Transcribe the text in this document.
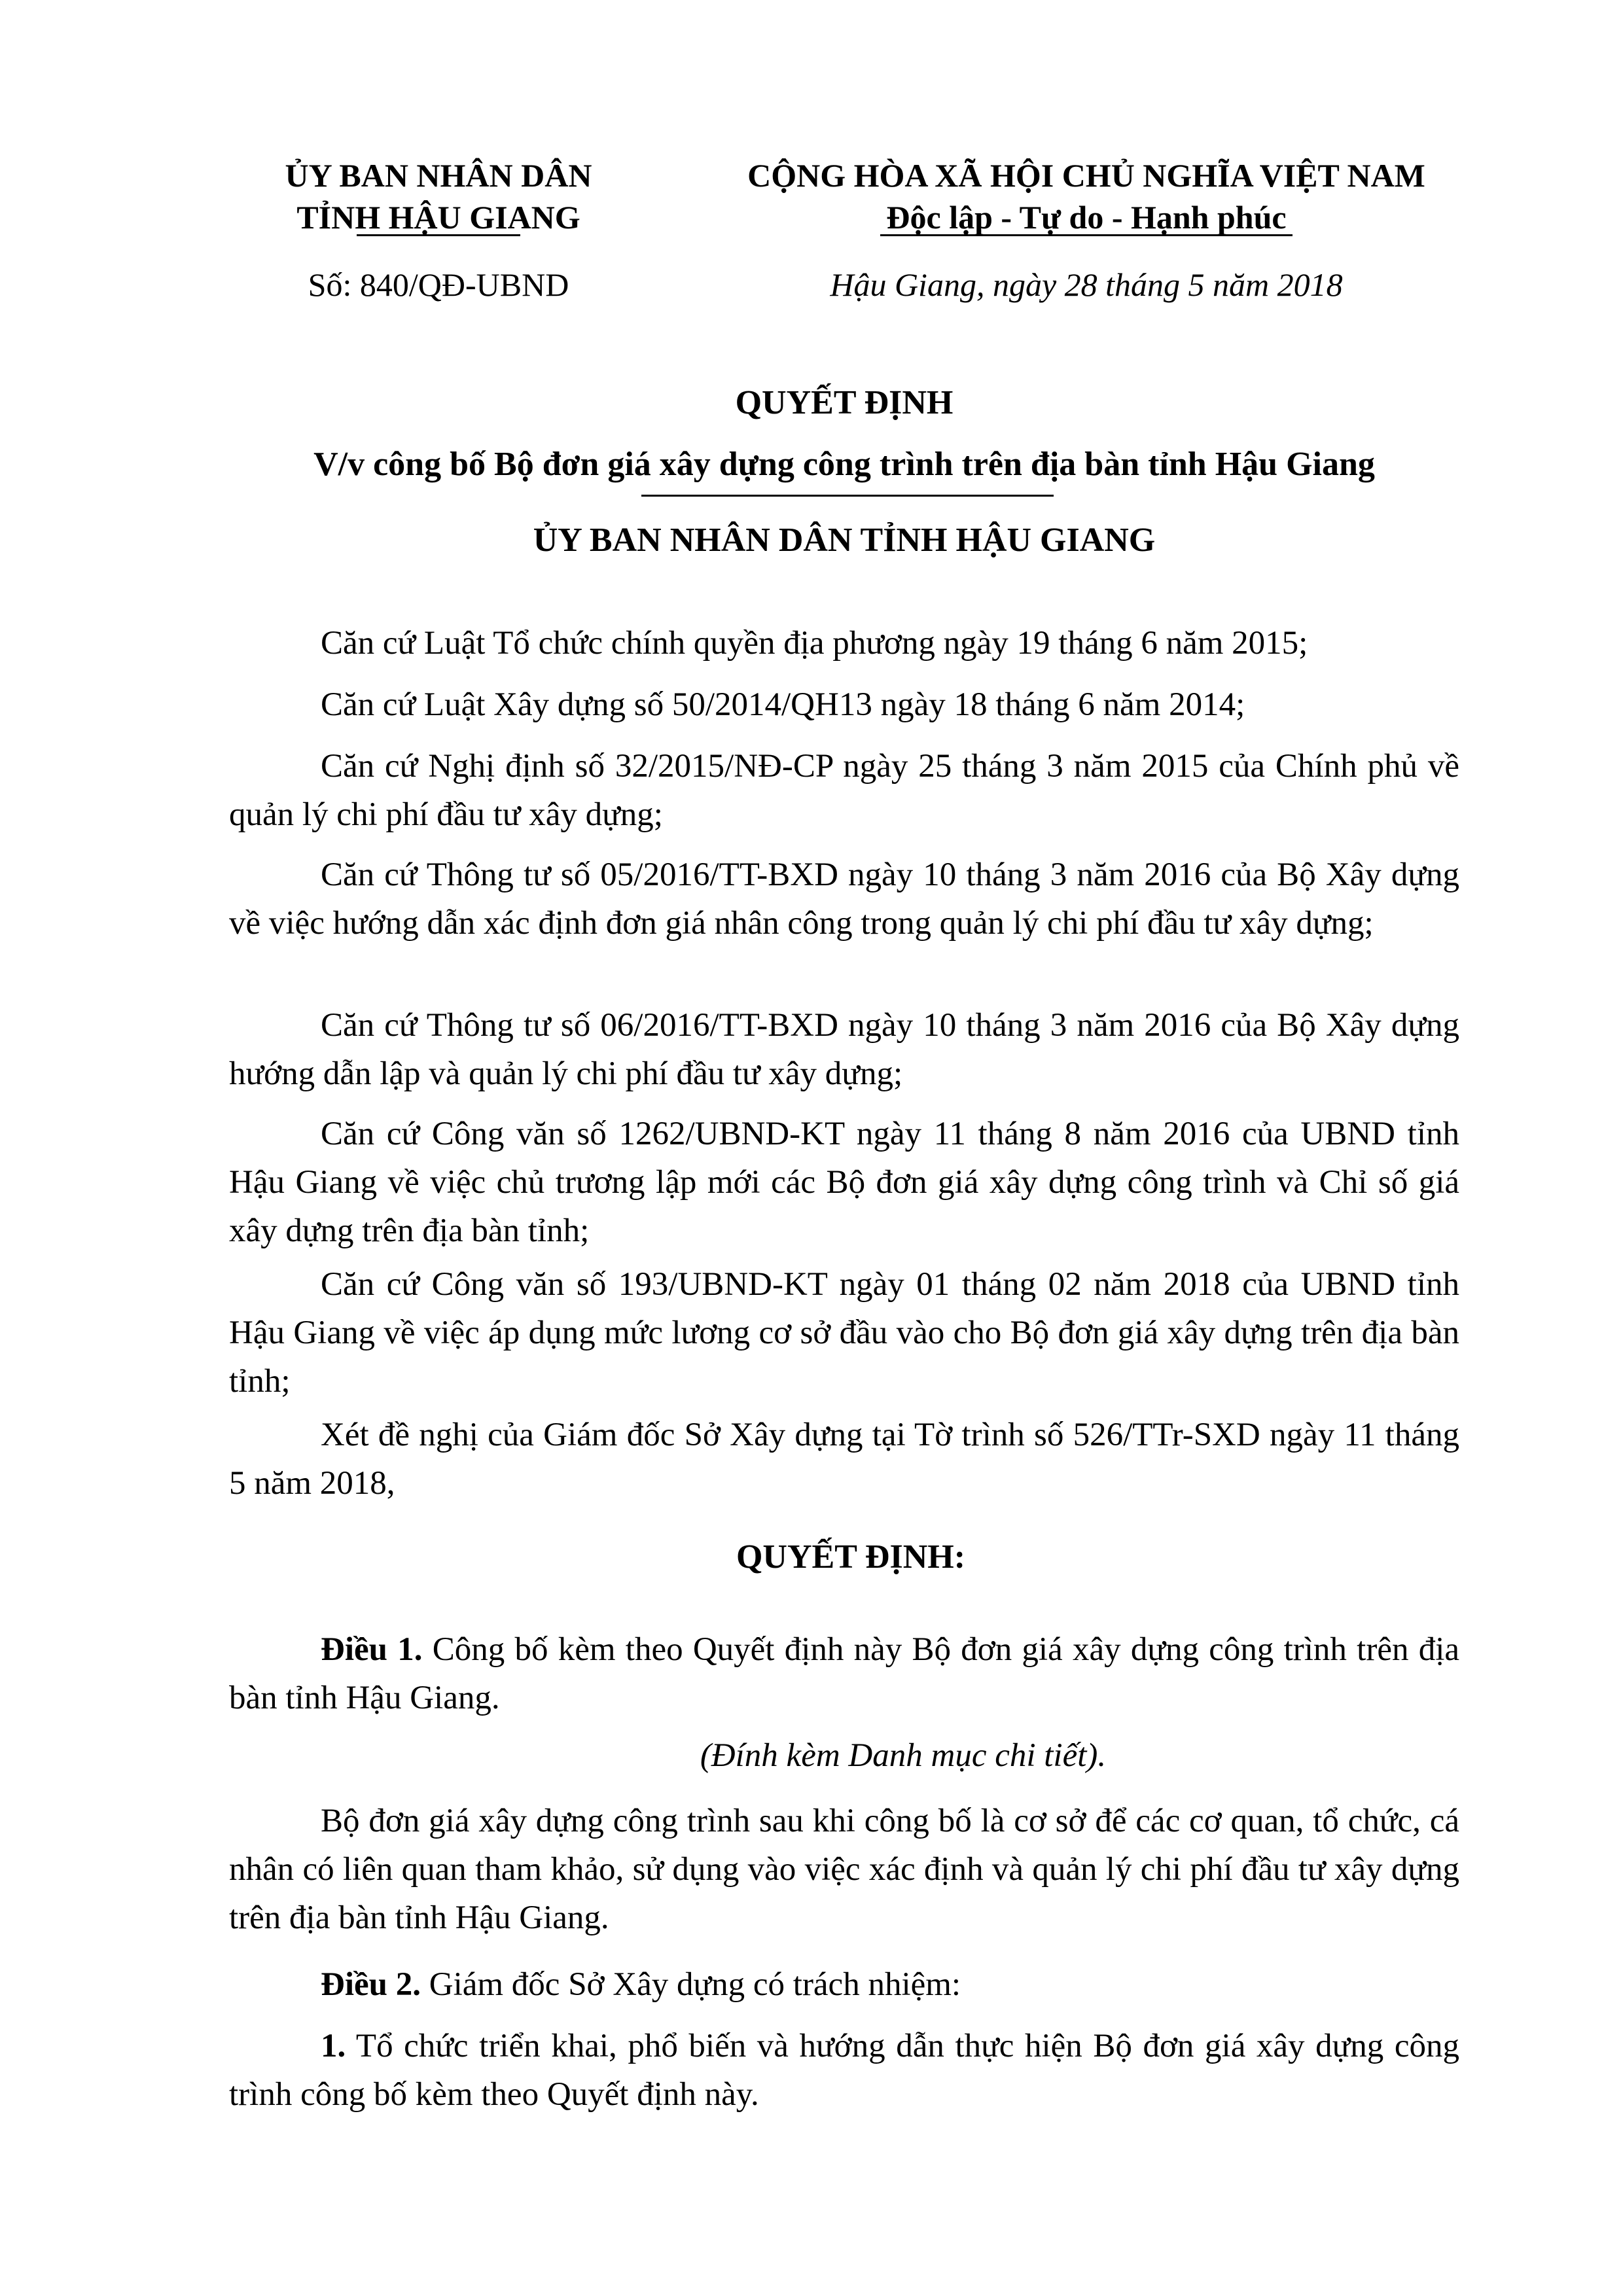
ỦY BAN NHÂN DÂN
TỈNH HẬU GIANG
Số: 840/QĐ-UBND
CỘNG HÒA XÃ HỘI CHỦ NGHĨA VIỆT NAM
Độc lập - Tự do - Hạnh phúc
Hậu Giang, ngày 28 tháng 5 năm 2018
QUYẾT ĐỊNH
V/v công bố Bộ đơn giá xây dựng công trình trên địa bàn tỉnh Hậu Giang
ỦY BAN NHÂN DÂN TỈNH HẬU GIANG
Căn cứ Luật Tổ chức chính quyền địa phương ngày 19 tháng 6 năm 2015;
Căn cứ Luật Xây dựng số 50/2014/QH13 ngày 18 tháng 6 năm 2014;
Căn cứ Nghị định số 32/2015/NĐ-CP ngày 25 tháng 3 năm 2015 của Chính phủ về quản lý chi phí đầu tư xây dựng;
Căn cứ Thông tư số 05/2016/TT-BXD ngày 10 tháng 3 năm 2016 của Bộ Xây dựng về việc hướng dẫn xác định đơn giá nhân công trong quản lý chi phí đầu tư xây dựng;
Căn cứ Thông tư số 06/2016/TT-BXD ngày 10 tháng 3 năm 2016 của Bộ Xây dựng hướng dẫn lập và quản lý chi phí đầu tư xây dựng;
Căn cứ Công văn số 1262/UBND-KT ngày 11 tháng 8 năm 2016 của UBND tỉnh Hậu Giang về việc chủ trương lập mới các Bộ đơn giá xây dựng công trình và Chỉ số giá xây dựng trên địa bàn tỉnh;
Căn cứ Công văn số 193/UBND-KT ngày 01 tháng 02 năm 2018 của UBND tỉnh Hậu Giang về việc áp dụng mức lương cơ sở đầu vào cho Bộ đơn giá xây dựng trên địa bàn tỉnh;
Xét đề nghị của Giám đốc Sở Xây dựng tại Tờ trình số 526/TTr-SXD ngày 11 tháng 5 năm 2018,
QUYẾT ĐỊNH:
Điều 1. Công bố kèm theo Quyết định này Bộ đơn giá xây dựng công trình trên địa bàn tỉnh Hậu Giang.
(Đính kèm Danh mục chi tiết).
Bộ đơn giá xây dựng công trình sau khi công bố là cơ sở để các cơ quan, tổ chức, cá nhân có liên quan tham khảo, sử dụng vào việc xác định và quản lý chi phí đầu tư xây dựng trên địa bàn tỉnh Hậu Giang.
Điều 2. Giám đốc Sở Xây dựng có trách nhiệm:
1. Tổ chức triển khai, phổ biến và hướng dẫn thực hiện Bộ đơn giá xây dựng công trình công bố kèm theo Quyết định này.
